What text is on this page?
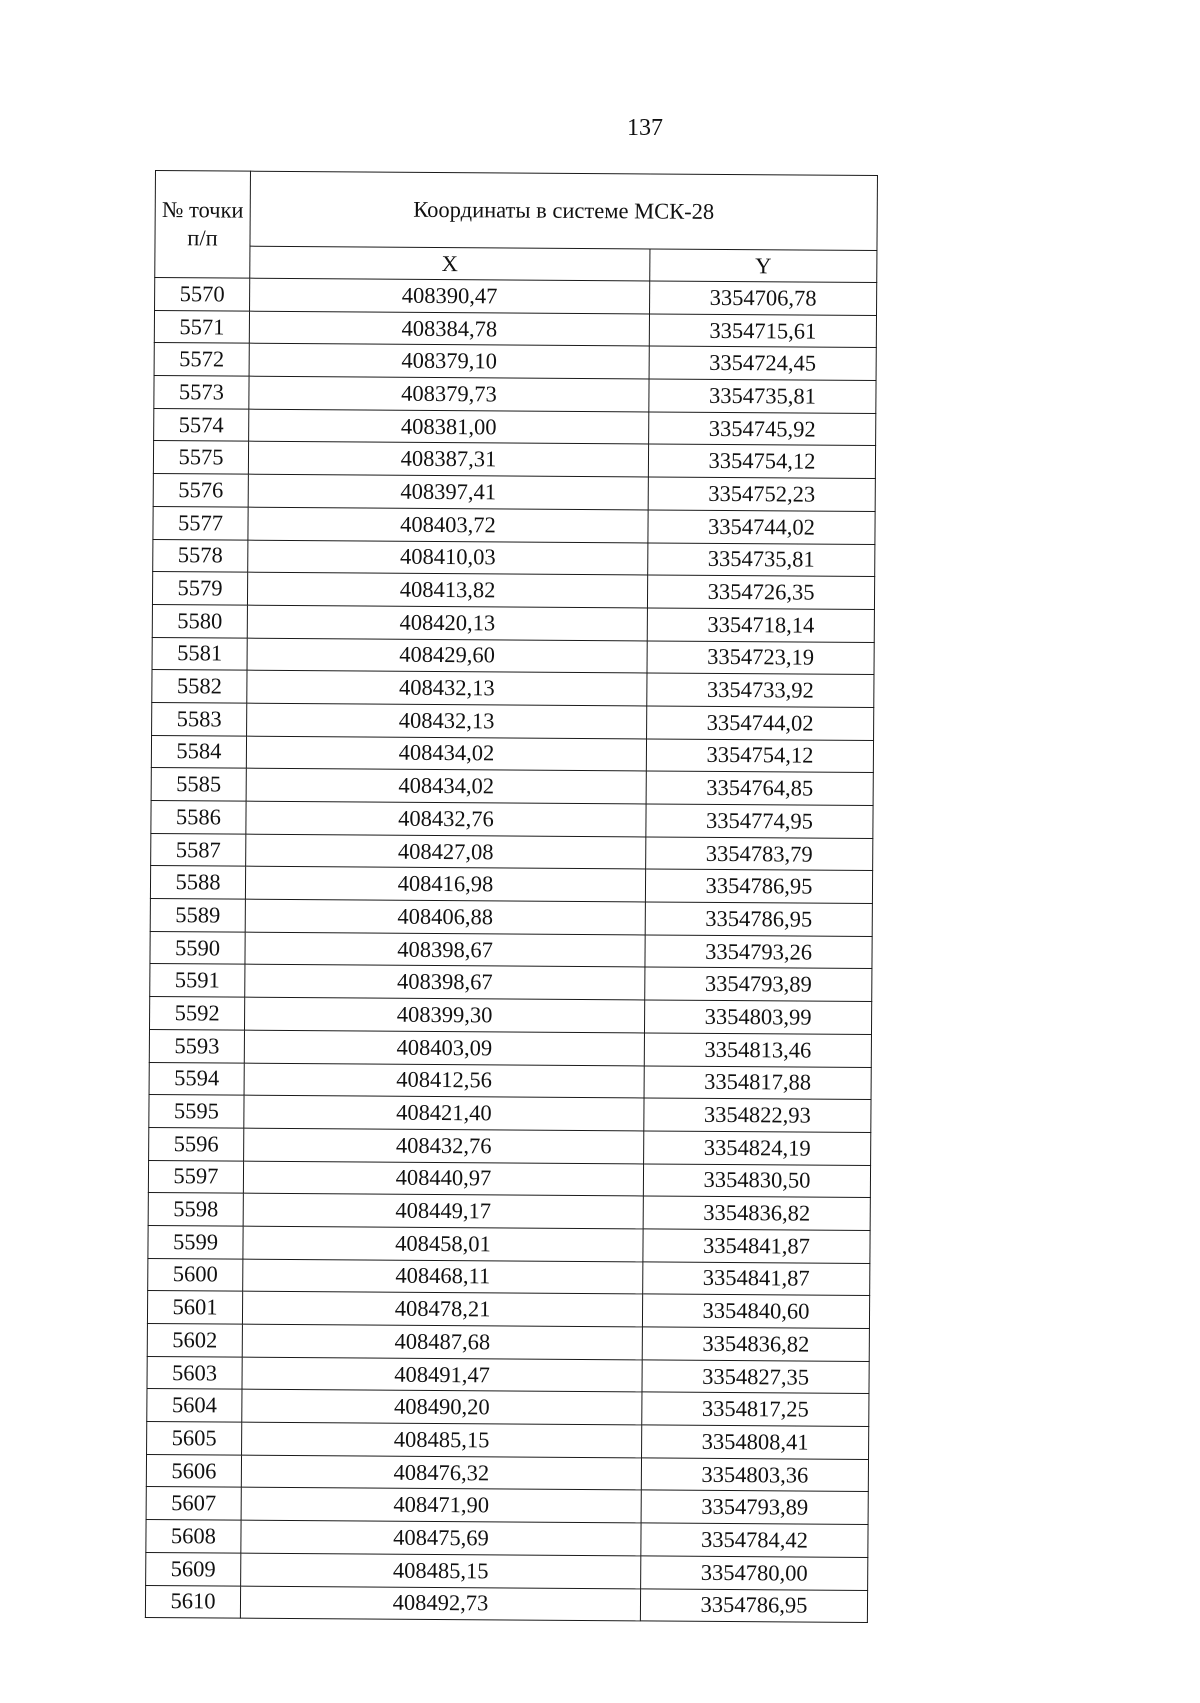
137
№ точки п/п	Координаты в системе МСК-28	
	X	Y
5570	408390,47	3354706,78
5571	408384,78	3354715,61
5572	408379,10	3354724,45
5573	408379,73	3354735,81
5574	408381,00	3354745,92
5575	408387,31	3354754,12
5576	408397,41	3354752,23
5577	408403,72	3354744,02
5578	408410,03	3354735,81
5579	408413,82	3354726,35
5580	408420,13	3354718,14
5581	408429,60	3354723,19
5582	408432,13	3354733,92
5583	408432,13	3354744,02
5584	408434,02	3354754,12
5585	408434,02	3354764,85
5586	408432,76	3354774,95
5587	408427,08	3354783,79
5588	408416,98	3354786,95
5589	408406,88	3354786,95
5590	408398,67	3354793,26
5591	408398,67	3354793,89
5592	408399,30	3354803,99
5593	408403,09	3354813,46
5594	408412,56	3354817,88
5595	408421,40	3354822,93
5596	408432,76	3354824,19
5597	408440,97	3354830,50
5598	408449,17	3354836,82
5599	408458,01	3354841,87
5600	408468,11	3354841,87
5601	408478,21	3354840,60
5602	408487,68	3354836,82
5603	408491,47	3354827,35
5604	408490,20	3354817,25
5605	408485,15	3354808,41
5606	408476,32	3354803,36
5607	408471,90	3354793,89
5608	408475,69	3354784,42
5609	408485,15	3354780,00
5610	408492,73	3354786,95
